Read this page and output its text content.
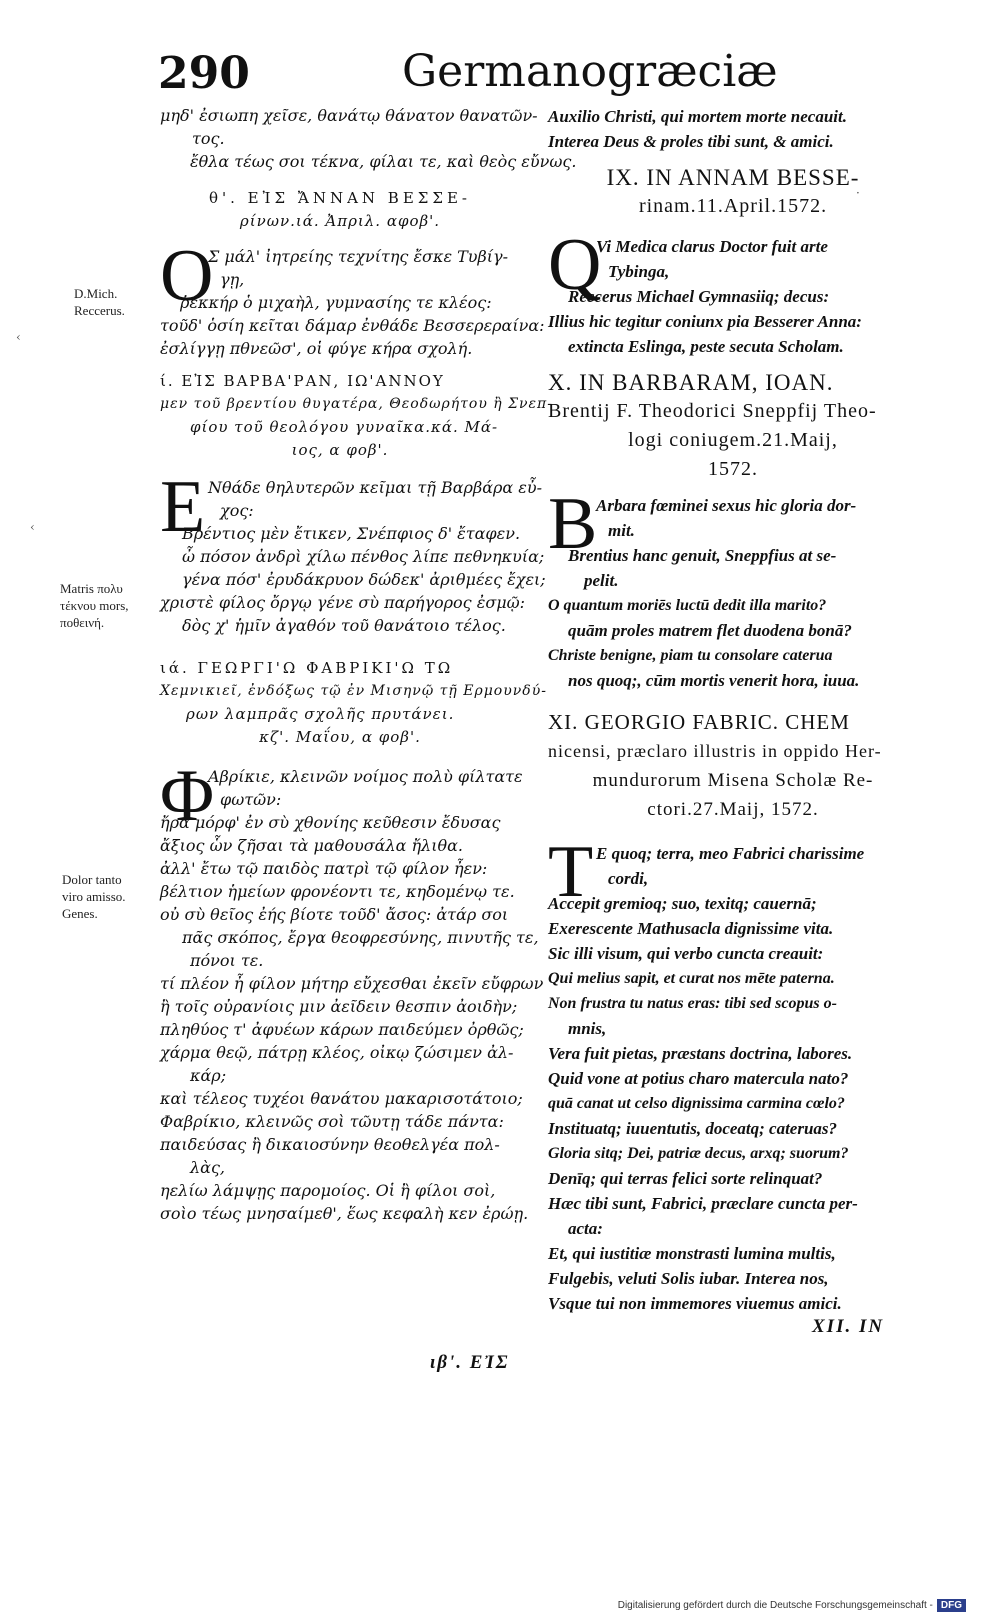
290	Germanogræciæ
μηδ' ἐσιωπη χεῖσε, θανάτῳ θάνατον θανατῶν-
τος.
ἔθλα τέως σοι τέκνα, φίλαι τε, καὶ θεὸς εὔνως.
θ'. ΕἸΣ ἌΝΝΑΝ ΒΕΣΣΕ-
ρίνων.ιά. Ἀπριλ. αφοβ'.
Ο
Σ μάλ' ἰητρείης τεχνίτης ἔσκε Τυβίγ-
γῃ,
ῥεκκήρ ὁ μιχαὴλ, γυμνασίης τε κλέος:
τοῦδ' ὁσίη κεῖται δάμαρ ἐνθάδε Βεσσερεραίνα:
ἐσλίγγῃ πθνεῶσ', οἱ φύγε κήρα σχολή.
ί. ΕἸΣ ΒΑΡΒΑ'ΡΑΝ, ΙΩ'ΑΝΝΟΥ
μεν τοῦ βρεντίου θυγατέρα, Θεοδωρήτου ἢ Σνεπ-
φίου τοῦ θεολόγου γυναῖκα.κά. Μά-
ιος, α φοβ'.
Ε Νθάδε θηλυτερῶν κεῖμαι τῇ Βαρβάρα εὖ-
χος:
Βρέντιος μὲν ἔτικεν, Σνέπφιος δ' ἔταφεν.
ὦ πόσον ἀνδρὶ χίλω πένθος λίπε πεθνηκυία;
γένα πόσ' ἐρυδάκρυον δώδεκ' ἀριθμέες ἔχει;
χριστὲ φίλος ὄργῳ γένε σὺ παρήγορος ἐσμῷ:
δὸς χ' ἡμῖν ἀγαθόν τοῦ θανάτοιο τέλος.
ιά. ΓΕΩΡΓΙ'Ω ΦΑΒΡΙΚΙ'Ω ΤΩ
Χεμνικιεῖ, ἐνδόξως τῷ ἐν Μισηνῷ τῇ Ερμουνδύ-
ρων λαμπρᾶς σχολῆς πρυτάνει.
κζ'. Μαΐου, α φοβ'.
Φ
Αβρίκιε, κλεινῶν νοίμος πολὺ φίλτατε
φωτῶν:
ἤρα μόρφ' ἐν σὺ χθονίης κεῦθεσιν ἔδυσας
ἄξιος ὧν ζῆσαι τὰ μαθουσάλα ἤλιθα.
ἀλλ' ἔτω τῷ παιδὸς πατρὶ τῷ φίλον ἦεν:
βέλτιον ἡμείων φρονέοντι τε, κηδομένῳ τε.
οὐ σὺ θεῖος ἐής βίοτε τοῦδ' ἄσος: ἀτάρ σοι
πᾶς σκόπος, ἔργα θεοφρεσύνης, πινυτῆς τε,
πόνοι τε.
τί πλέον ἦ φίλον μήτηρ εὔχεσθαι ἐκεῖν εὔφρων
ἢ τοῖς οὐρανίοις μιν ἀεῖδειν θεσπιν ἀοιδὴν;
πληθύος τ' ἀφυέων κάρων παιδεύμεν ὀρθῶς;
χάρμα θεῷ, πάτρῃ κλέος, οἰκῳ ζώσιμεν ἀλ-
κάρ;
καὶ τέλεος τυχέοι θανάτου μακαρισοτάτοιο;
Φαβρίκιο, κλεινῶς σοὶ τῶυτῃ τάδε πάντα:
παιδεύσας ἢ δικαιοσύνην θεοθελγέα πολ-
λὰς,
ηελίω λάμψῃς παρομοίος. Οἱ ἢ φίλοι σοὶ,
σοὶο τέως μνησαίμεθ', ἕως κεφαλὴ κεν ἐρώῃ.
D.Mich.
Reccerus.
Matris πολυ
τέκνου mors,
ποθεινή.
Dolor tanto
viro amisso.
Genes.
ιβ'. ΕἸΣ
Auxilio Christi, qui mortem morte necauit.
Interea Deus & proles tibi sunt, & amici.
IX. IN ANNAM BESSE-
rinam.11.April.1572.
Q
Vi Medica clarus Doctor fuit arte
Tybinga,
Reccerus Michael Gymnasiiq; decus:
Illius hic tegitur coniunx pia Besserer Anna:
extincta Eslinga, peste secuta Scholam.
X. IN BARBARAM, IOAN.
Brentij F. Theodorici Sneppfij Theo-
logi coniugem.21.Maij,
1572.
B
Arbara fœminei sexus hic gloria dor-
mit.
Brentius hanc genuit, Sneppfius at se-
pelit.
O quantum moriēs luctū dedit illa marito?
quām proles matrem flet duodena bonā?
Christe benigne, piam tu consolare caterua
nos quoq;, cūm mortis venerit hora, iuua.
XI. GEORGIO FABRIC. CHEM
nicensi, præclaro illustris in oppido Her-
mundurorum Misena Scholæ Re-
ctori.27.Maij, 1572.
T E quoq; terra, meo Fabrici charissime
cordi,
Accepit gremioq; suo, texitq; cauernā;
Exerescente Mathusacla dignissime vita.
Sic illi visum, qui verbo cuncta creauit:
Qui melius sapit, et curat nos mēte paterna.
Non frustra tu natus eras: tibi sed scopus o-
mnis,
Vera fuit pietas, præstans doctrina, labores.
Quid vone at potius charo matercula nato?
quā canat ut celso dignissima carmina cœlo?
Instituatq; iuuentutis, doceatq; cateruas?
Gloria sitq; Dei, patriæ decus, arxq; suorum?
Denīq; qui terras felici sorte relinquat?
Hæc tibi sunt, Fabrici, præclare cuncta per-
acta:
Et, qui iustitiæ monstrasti lumina multis,
Fulgebis, veluti Solis iubar. Interea nos,
Vsque tui non immemores viuemus amici.
XII. IN
‹
‹
·
Digitalisierung gefördert durch die Deutsche Forschungsgemeinschaft - DFG
